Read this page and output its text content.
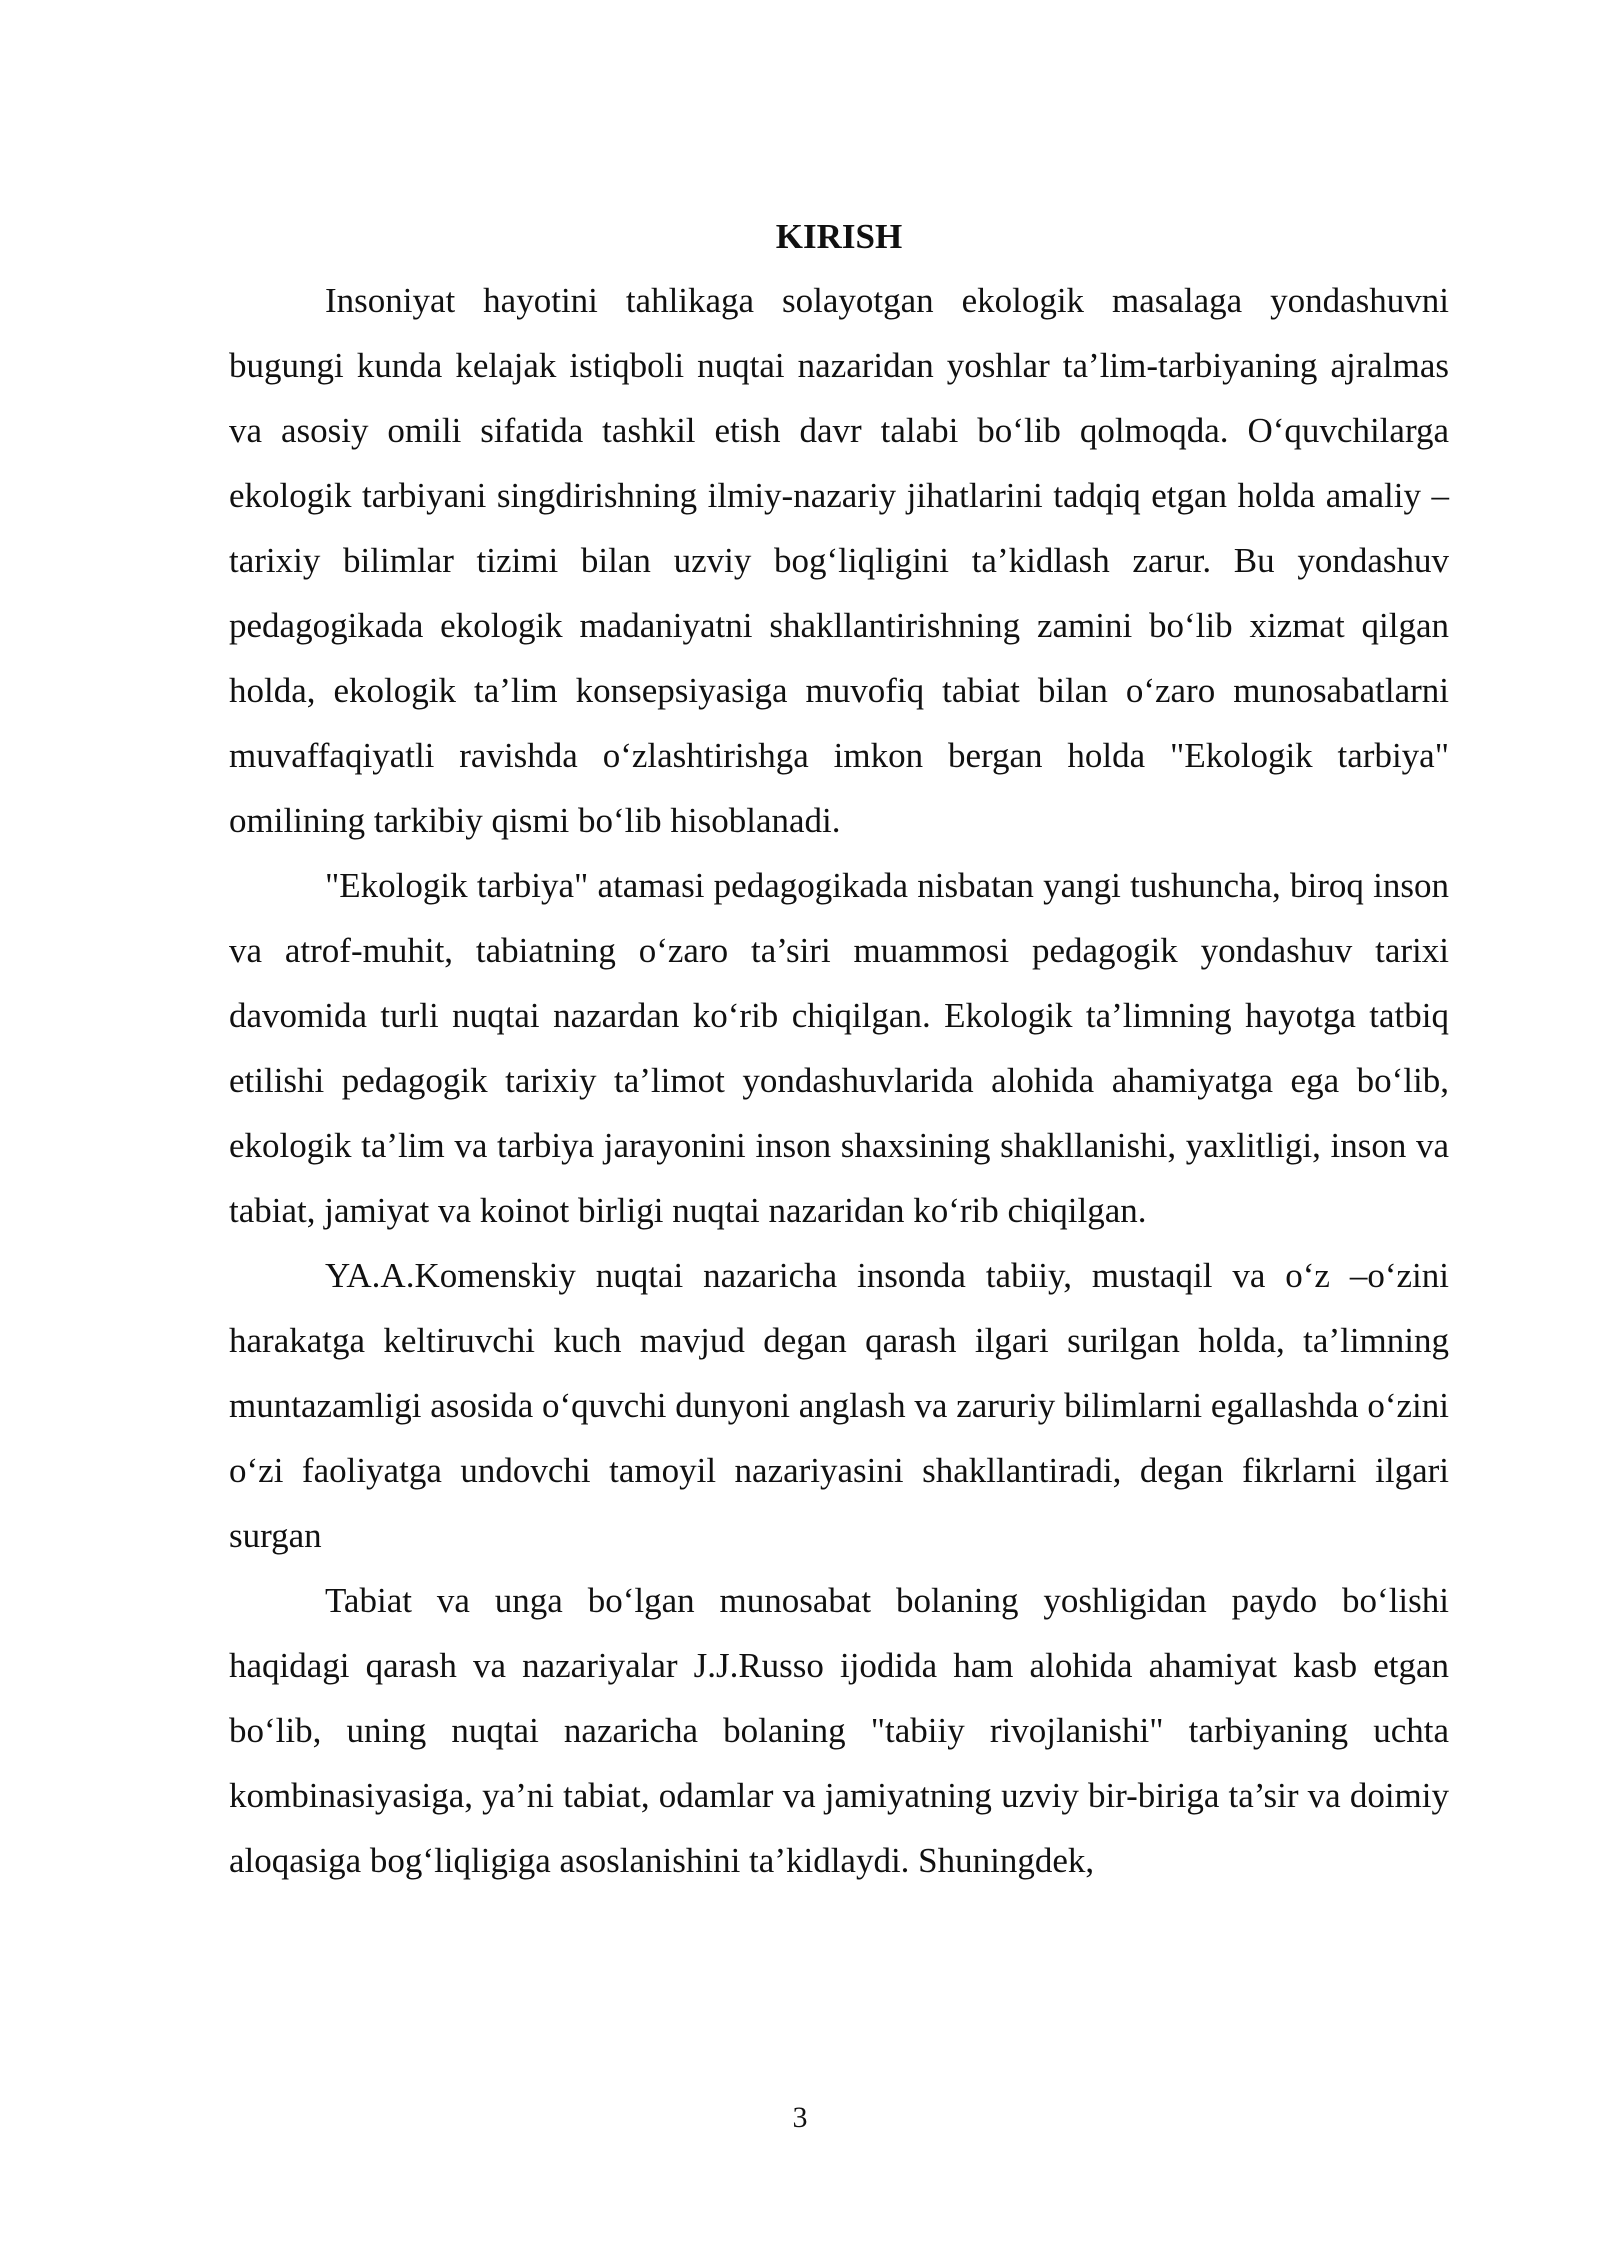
KIRISH

Insoniyat hayotini tahlikaga solayotgan ekologik masalaga yondashuvni bugungi kunda kelajak istiqboli nuqtai nazaridan yoshlar ta’lim-tarbiyaning ajralmas va asosiy omili sifatida tashkil etish davr talabi bo‘lib qolmoqda. O‘quvchilarga ekologik tarbiyani singdirishning ilmiy-nazariy jihatlarini tadqiq etgan holda amaliy – tarixiy bilimlar tizimi bilan uzviy bog‘liqligini ta’kidlash zarur. Bu yondashuv pedagogikada ekologik madaniyatni shakllantirishning zamini bo‘lib xizmat qilgan holda, ekologik ta’lim konsepsiyasiga muvofiq tabiat bilan o‘zaro munosabatlarni muvaffaqiyatli ravishda o‘zlashtirishga imkon bergan holda "Ekologik tarbiya" omilining tarkibiy qismi bo‘lib hisoblanadi.

"Ekologik tarbiya" atamasi pedagogikada nisbatan yangi tushuncha, biroq inson va atrof-muhit, tabiatning o‘zaro ta’siri muammosi pedagogik yondashuv tarixi davomida turli nuqtai nazardan ko‘rib chiqilgan. Ekologik ta’limning hayotga tatbiq etilishi pedagogik tarixiy ta’limot yondashuvlarida alohida ahamiyatga ega bo‘lib, ekologik ta’lim va tarbiya jarayonini inson shaxsining shakllanishi, yaxlitligi, inson va tabiat, jamiyat va koinot birligi nuqtai nazaridan ko‘rib chiqilgan.

YA.A.Komenskiy nuqtai nazaricha insonda tabiiy, mustaqil va o‘z –o‘zini harakatga keltiruvchi kuch mavjud degan qarash ilgari surilgan holda, ta’limning muntazamligi asosida o‘quvchi dunyoni anglash va zaruriy bilimlarni egallashda o‘zini o‘zi faoliyatga undovchi tamoyil nazariyasini shakllantiradi, degan fikrlarni ilgari surgan

Tabiat va unga bo‘lgan munosabat bolaning yoshligidan paydo bo‘lishi haqidagi qarash va nazariyalar J.J.Russo ijodida ham alohida ahamiyat kasb etgan bo‘lib, uning nuqtai nazaricha bolaning "tabiiy rivojlanishi" tarbiyaning uchta kombinasiyasiga, ya’ni tabiat, odamlar va jamiyatning uzviy bir-biriga ta’sir va doimiy aloqasiga bog‘liqligiga asoslanishini ta’kidlaydi. Shuningdek,

3
